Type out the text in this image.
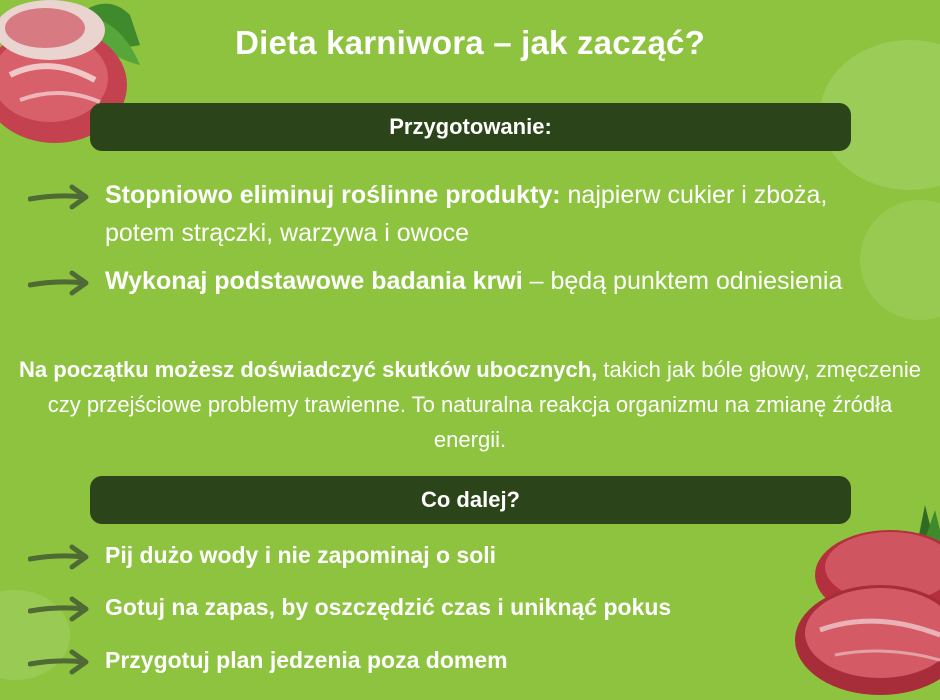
Dieta karniwora – jak zacząć?
Przygotowanie:
Stopniowo eliminuj roślinne produkty: najpierw cukier i zboża, potem strączki, warzywa i owoce
Wykonaj podstawowe badania krwi – będą punktem odniesienia
Na początku możesz doświadczyć skutków ubocznych, takich jak bóle głowy, zmęczenie czy przejściowe problemy trawienne. To naturalna reakcja organizmu na zmianę źródła energii.
Co dalej?
Pij dużo wody i nie zapominaj o soli
Gotuj na zapas, by oszczędzić czas i uniknąć pokus
Przygotuj plan jedzenia poza domem
